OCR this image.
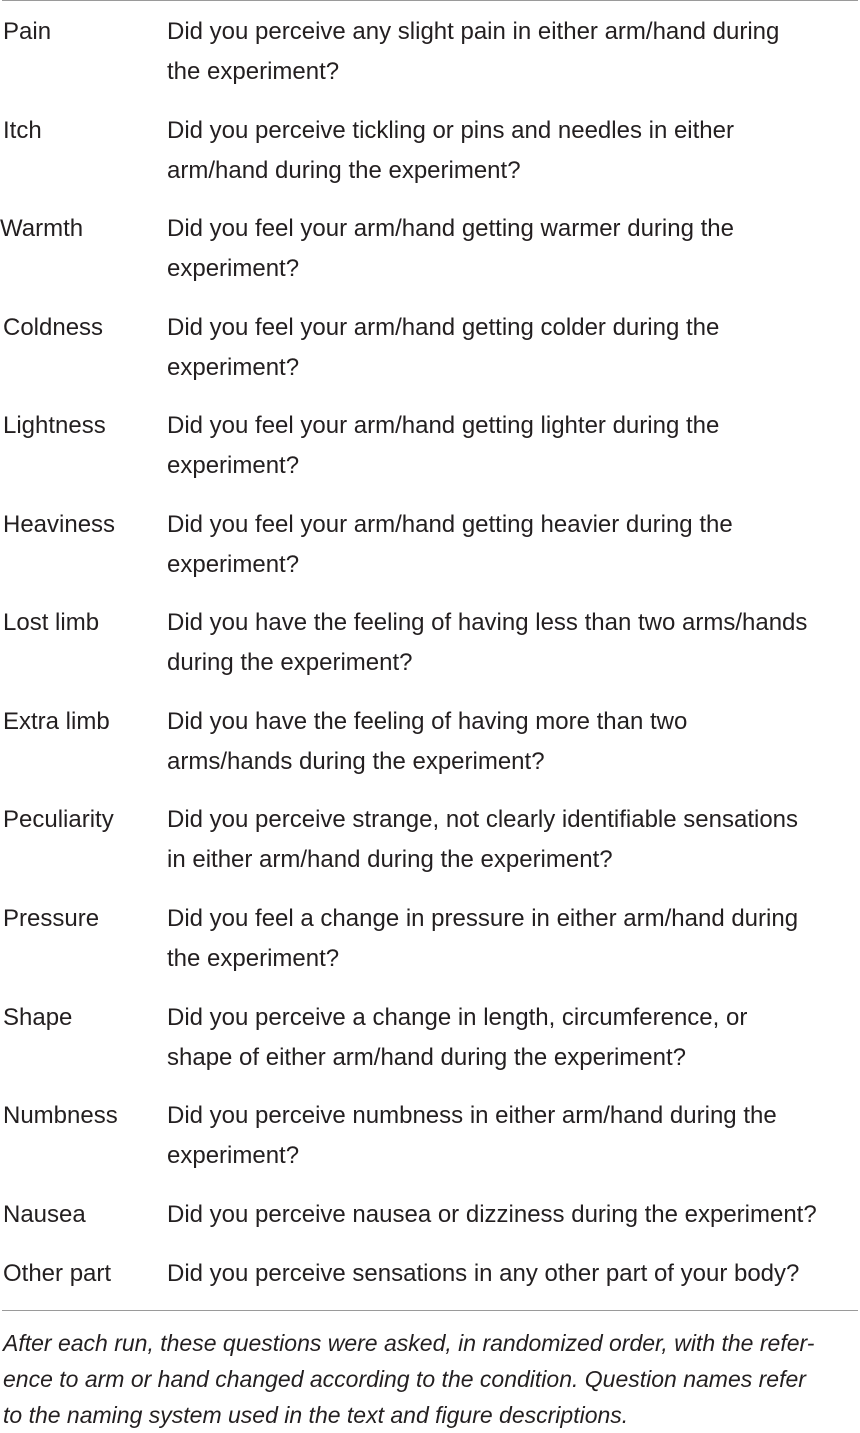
Pain	Did you perceive any slight pain in either arm/hand during
the experiment?
Itch	Did you perceive tickling or pins and needles in either
arm/hand during the experiment?
Warmth	Did you feel your arm/hand getting warmer during the
experiment?
Coldness	Did you feel your arm/hand getting colder during the
experiment?
Lightness	Did you feel your arm/hand getting lighter during the
experiment?
Heaviness Did you feel your arm/hand getting heavier during the
experiment?
Lost limb	Did you have the feeling of having less than two arms/hands
during the experiment?
Extra limb Did you have the feeling of having more than two
arms/hands during the experiment?
Peculiarity Did you perceive strange, not clearly identifiable sensations
in either arm/hand during the experiment?
Pressure	Did you feel a change in pressure in either arm/hand during
the experiment?
Shape	Did you perceive a change in length, circumference, or
shape of either arm/hand during the experiment?
Numbness Did you perceive numbness in either arm/hand during the
experiment?
Nausea	Did you perceive nausea or dizziness during the experiment?
Other part Did you perceive sensations in any other part of your body?
After each run, these questions were asked, in randomized order, with the refer-
ence to arm or hand changed according to the condition. Question names refer
to the naming system used in the text and figure descriptions.
